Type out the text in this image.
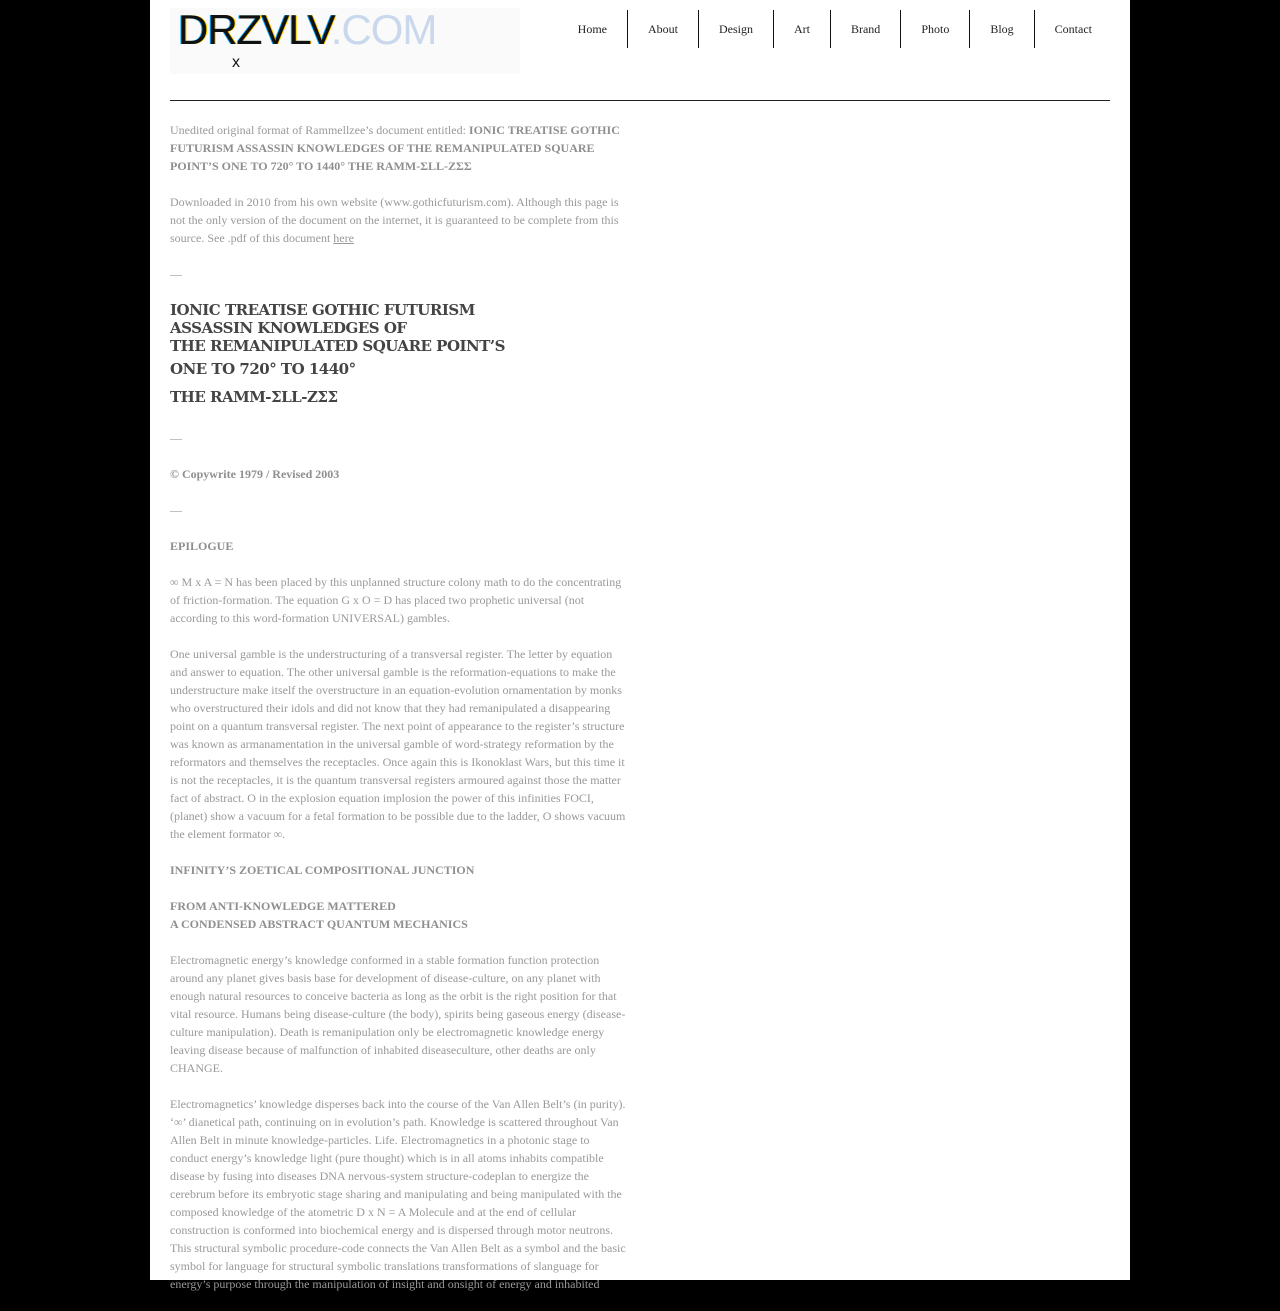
DRZVLV.COM
x
Home	About	Design	Art	Brand	Photo	Blog	Contact

Unedited original format of Rammellzee’s document entitled: IONIC TREATISE GOTHIC FUTURISM ASSASSIN KNOWLEDGES OF THE REMANIPULATED SQUARE POINT’S ONE TO 720° TO 1440° THE RAMM-ΣLL-ZΣΣ

Downloaded in 2010 from his own website (www.gothicfuturism.com). Although this page is not the only version of the document on the internet, it is guaranteed to be complete from this source. See .pdf of this document here

—

IONIC TREATISE GOTHIC FUTURISM
ASSASSIN KNOWLEDGES OF
THE REMANIPULATED SQUARE POINT’S
ONE TO 720° TO 1440°
THE RAMM-ΣLL-ZΣΣ

—

© Copywrite 1979 / Revised 2003

—

EPILOGUE

∞ M x A = N has been placed by this unplanned structure colony math to do the concentrating of friction-formation. The equation G x O = D has placed two prophetic universal (not according to this word-formation UNIVERSAL) gambles.

One universal gamble is the understructuring of a transversal register. The letter by equation and answer to equation. The other universal gamble is the reformation-equations to make the understructure make itself the overstructure in an equation-evolution ornamentation by monks who overstructured their idols and did not know that they had remanipulated a disappearing point on a quantum transversal register. The next point of appearance to the register’s structure was known as armanamentation in the universal gamble of word-strategy reformation by the reformators and themselves the receptacles. Once again this is Ikonoklast Wars, but this time it is not the receptacles, it is the quantum transversal registers armoured against those the matter fact of abstract. O in the explosion equation implosion the power of this infinities FOCI, (planet) show a vacuum for a fetal formation to be possible due to the ladder, O shows vacuum the element formator ∞.

INFINITY’S ZOETICAL COMPOSITIONAL JUNCTION

FROM ANTI-KNOWLEDGE MATTERED
A CONDENSED ABSTRACT QUANTUM MECHANICS

Electromagnetic energy’s knowledge conformed in a stable formation function protection around any planet gives basis base for development of disease-culture, on any planet with enough natural resources to conceive bacteria as long as the orbit is the right position for that vital resource. Humans being disease-culture (the body), spirits being gaseous energy (disease-culture manipulation). Death is remanipulation only be electromagnetic knowledge energy leaving disease because of malfunction of inhabited diseaseculture, other deaths are only CHANGE.

Electromagnetics’ knowledge disperses back into the course of the Van Allen Belt’s (in purity). ‘∞’ dianetical path, continuing on in evolution’s path. Knowledge is scattered throughout Van Allen Belt in minute knowledge-particles. Life. Electromagnetics in a photonic stage to conduct energy’s knowledge light (pure thought) which is in all atoms inhabits compatible disease by fusing into diseases DNA nervous-system structure-codeplan to energize the cerebrum before its embryotic stage sharing and manipulating and being manipulated with the composed knowledge of the atometric D x N = A Molecule and at the end of cellular construction is conformed into biochemical energy and is dispersed through motor neutrons. This structural symbolic procedure-code connects the Van Allen Belt as a symbol and the basic symbol for language for structural symbolic translations transformations of slanguage for energy’s purpose through the manipulation of insight and onsight of energy and inhabited
